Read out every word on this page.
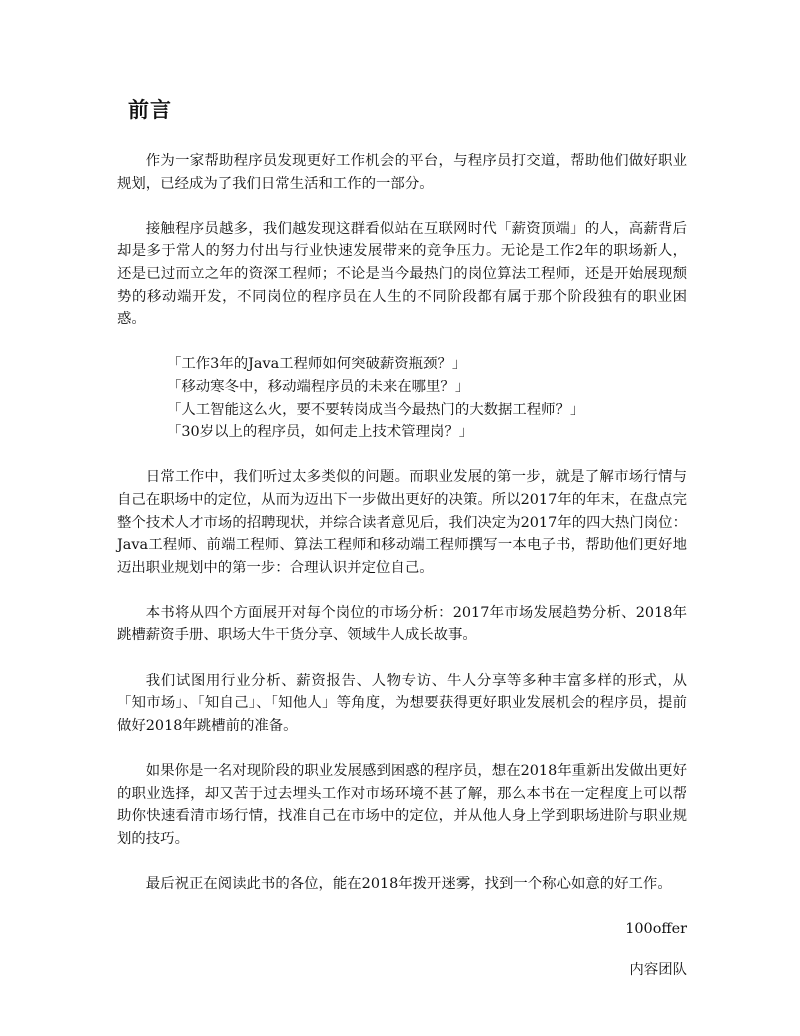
前言

作为一家帮助程序员发现更好工作机会的平台，与程序员打交道，帮助他们做好职业规划，已经成为了我们日常生活和工作的一部分。

接触程序员越多，我们越发现这群看似站在互联网时代「薪资顶端」的人，高薪背后却是多于常人的努力付出与行业快速发展带来的竞争压力。无论是工作2年的职场新人，还是已过而立之年的资深工程师；不论是当今最热门的岗位算法工程师，还是开始展现颓势的移动端开发，不同岗位的程序员在人生的不同阶段都有属于那个阶段独有的职业困惑。

「工作3年的Java工程师如何突破薪资瓶颈？」
「移动寒冬中，移动端程序员的未来在哪里？」
「人工智能这么火，要不要转岗成当今最热门的大数据工程师？」
「30岁以上的程序员，如何走上技术管理岗？」

日常工作中，我们听过太多类似的问题。而职业发展的第一步，就是了解市场行情与自己在职场中的定位，从而为迈出下一步做出更好的决策。所以2017年的年末，在盘点完整个技术人才市场的招聘现状，并综合读者意见后，我们决定为2017年的四大热门岗位：Java工程师、前端工程师、算法工程师和移动端工程师撰写一本电子书，帮助他们更好地迈出职业规划中的第一步：合理认识并定位自己。

本书将从四个方面展开对每个岗位的市场分析：2017年市场发展趋势分析、2018年跳槽薪资手册、职场大牛干货分享、领域牛人成长故事。

我们试图用行业分析、薪资报告、人物专访、牛人分享等多种丰富多样的形式，从「知市场」、「知自己」、「知他人」等角度，为想要获得更好职业发展机会的程序员，提前做好2018年跳槽前的准备。

如果你是一名对现阶段的职业发展感到困惑的程序员，想在2018年重新出发做出更好的职业选择，却又苦于过去埋头工作对市场环境不甚了解，那么本书在一定程度上可以帮助你快速看清市场行情，找准自己在市场中的定位，并从他人身上学到职场进阶与职业规划的技巧。

最后祝正在阅读此书的各位，能在2018年拨开迷雾，找到一个称心如意的好工作。

100offer

内容团队
